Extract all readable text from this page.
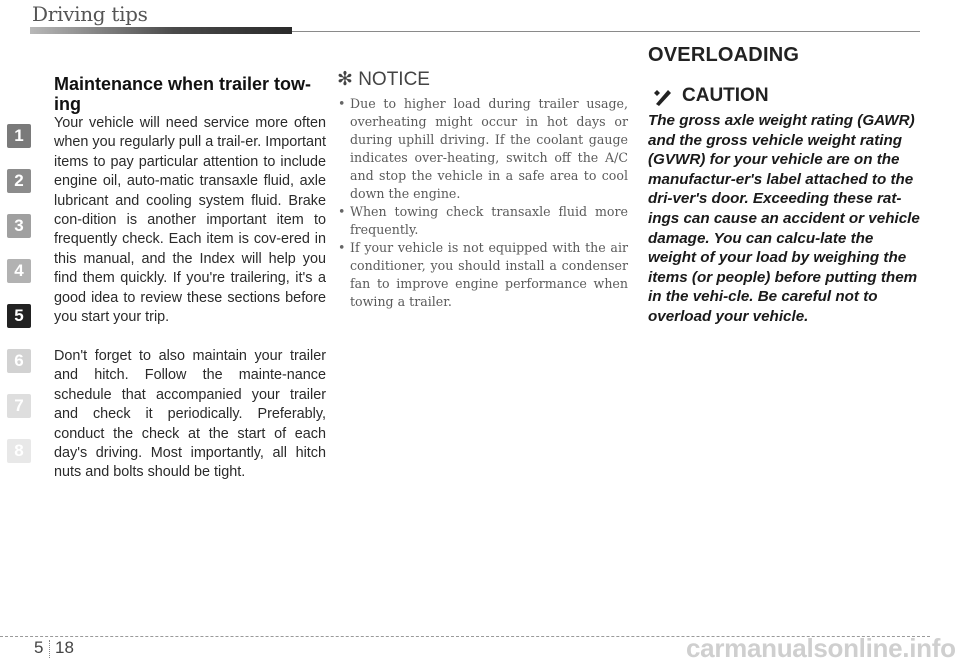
Driving tips
1
2
3
4
5
6
7
8
Maintenance when trailer tow-ing
Your vehicle will need service more often when you regularly pull a trail-er. Important items to pay particular attention to include engine oil, auto-matic transaxle fluid, axle lubricant and cooling system fluid. Brake con-dition is another important item to frequently check. Each item is cov-ered in this manual, and the Index will help you find them quickly. If you're trailering, it's a good idea to review these sections before you start your trip.
Don't forget to also maintain your trailer and hitch. Follow the mainte-nance schedule that accompanied your trailer and check it periodically. Preferably, conduct the check at the start of each day's driving. Most importantly, all hitch nuts and bolts should be tight.
✻ NOTICE
• Due to higher load during trailer usage, overheating might occur in hot days or during uphill driving. If the coolant gauge indicates over-heating, switch off the A/C and stop the vehicle in a safe area to cool down the engine.
• When towing check transaxle fluid more frequently.
• If your vehicle is not equipped with the air conditioner, you should install a condenser fan to improve engine performance when towing a trailer.
OVERLOADING
CAUTION
The gross axle weight rating (GAWR) and the gross vehicle weight rating (GVWR) for your vehicle are on the manufactur-er's label attached to the dri-ver's door. Exceeding these rat-ings can cause an accident or vehicle damage. You can calcu-late the weight of your load by weighing the items (or people) before putting them in the vehi-cle. Be careful not to overload your vehicle.
5 18	carmanualsonline.info
